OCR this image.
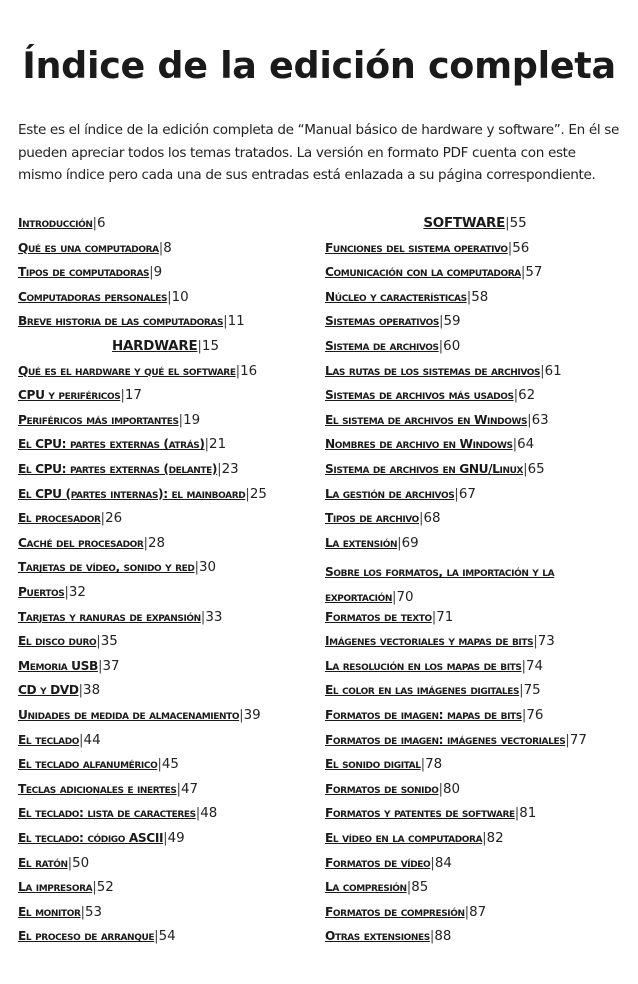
Índice de la edición completa

Este es el índice de la edición completa de “Manual básico de hardware y software”. En él se pueden apreciar todos los temas tratados. La versión en formato PDF cuenta con este mismo índice pero cada una de sus entradas está enlazada a su página correspondiente.

Introducción|6
Qué es una computadora|8
Tipos de computadoras|9
Computadoras personales|10
Breve historia de las computadoras|11
HARDWARE|15
Qué es el hardware y qué el software|16
CPU y periféricos|17
Periféricos más importantes|19
El CPU: partes externas (atrás)|21
El CPU: partes externas (delante)|23
El CPU (partes internas): el mainboard|25
El procesador|26
Caché del procesador|28
Tarjetas de vídeo, sonido y red|30
Puertos|32
Tarjetas y ranuras de expansión|33
El disco duro|35
Memoria USB|37
CD y DVD|38
Unidades de medida de almacenamiento|39
El teclado|44
El teclado alfanumérico|45
Teclas adicionales e inertes|47
El teclado: lista de caracteres|48
El teclado: código ASCII|49
El ratón|50
La impresora|52
El monitor|53
El proceso de arranque|54
SOFTWARE|55
Funciones del sistema operativo|56
Comunicación con la computadora|57
Núcleo y características|58
Sistemas operativos|59
Sistema de archivos|60
Las rutas de los sistemas de archivos|61
Sistemas de archivos más usados|62
El sistema de archivos en Windows|63
Nombres de archivo en Windows|64
Sistema de archivos en GNU/Linux|65
La gestión de archivos|67
Tipos de archivo|68
La extensión|69
Sobre los formatos, la importación y la exportación|70
Formatos de texto|71
Imágenes vectoriales y mapas de bits|73
La resolución en los mapas de bits|74
El color en las imágenes digitales|75
Formatos de imagen: mapas de bits|76
Formatos de imagen: imágenes vectoriales|77
El sonido digital|78
Formatos de sonido|80
Formatos y patentes de software|81
El vídeo en la computadora|82
Formatos de vídeo|84
La compresión|85
Formatos de compresión|87
Otras extensiones|88
